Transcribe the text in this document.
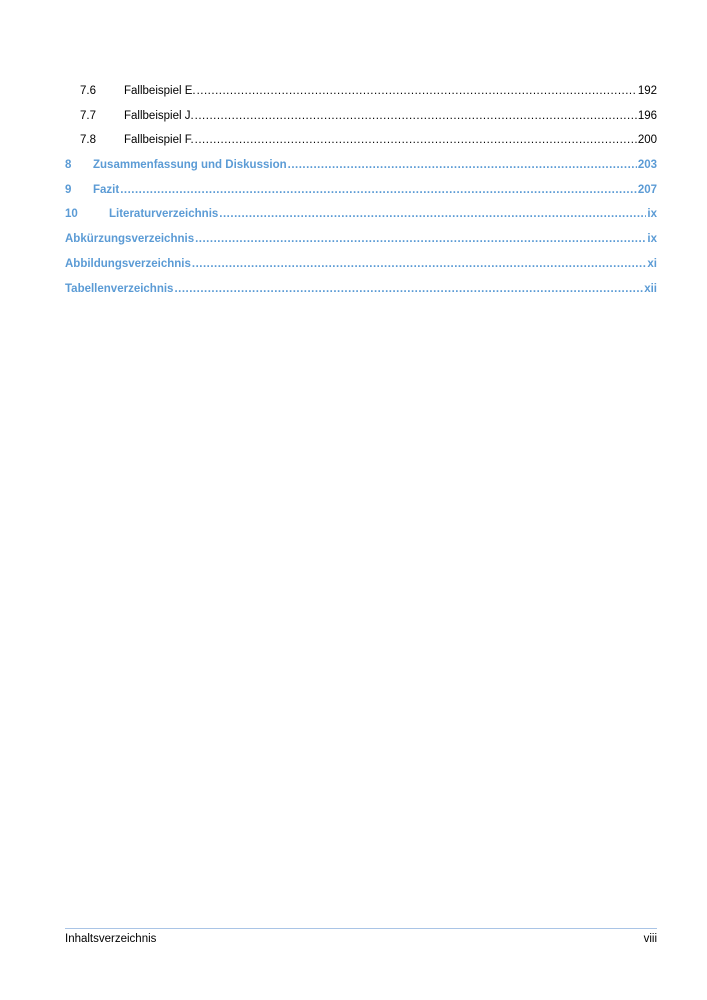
7.6	Fallbeispiel E. .....	192
7.7	Fallbeispiel J. .....	196
7.8	Fallbeispiel F. .....	200
8	Zusammenfassung und Diskussion .....	203
9	Fazit .....	207
10	Literaturverzeichnis .....	ix
Abkürzungsverzeichnis .....	ix
Abbildungsverzeichnis .....	xi
Tabellenverzeichnis .....	xii
Inhaltsverzeichnis	viii
